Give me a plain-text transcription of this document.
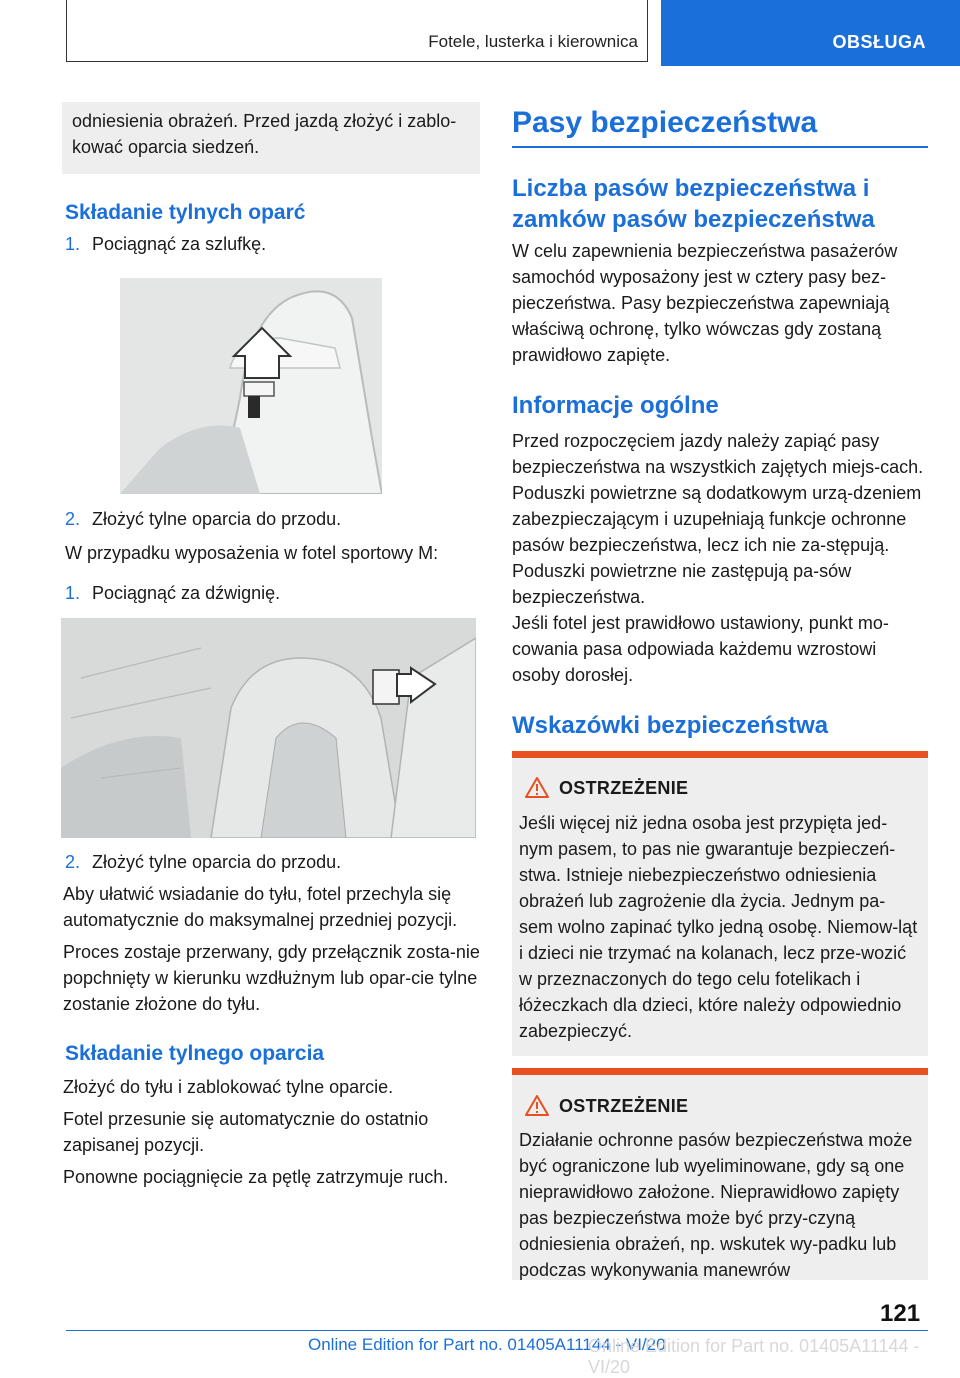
Fotele, lusterka i kierownica	OBSŁUGA

odniesienia obrażeń. Przed jazdą złożyć i zablo-kować oparcia siedzeń.

Składanie tylnych oparć
1. Pociągnąć za szlufkę.
2. Złożyć tylne oparcia do przodu.

W przypadku wyposażenia w fotel sportowy M:

1. Pociągnąć za dźwignię.
2. Złożyć tylne oparcia do przodu.

Aby ułatwić wsiadanie do tyłu, fotel przechyla się automatycznie do maksymalnej przedniej pozycji.

Proces zostaje przerwany, gdy przełącznik zosta-nie popchnięty w kierunku wzdłużnym lub opar-cie tylne zostanie złożone do tyłu.

Składanie tylnego oparcia

Złożyć do tyłu i zablokować tylne oparcie.

Fotel przesunie się automatycznie do ostatnio zapisanej pozycji.

Ponowne pociągnięcie za pętlę zatrzymuje ruch.

Pasy bezpieczeństwa
Liczba pasów bezpieczeństwa i zamków pasów bezpieczeństwa

W celu zapewnienia bezpieczeństwa pasażerów samochód wyposażony jest w cztery pasy bez-pieczeństwa. Pasy bezpieczeństwa zapewniają właściwą ochronę, tylko wówczas gdy zostaną prawidłowo zapięte.

Informacje ogólne

Przed rozpoczęciem jazdy należy zapiąć pasy bezpieczeństwa na wszystkich zajętych miejs-cach. Poduszki powietrzne są dodatkowym urzą-dzeniem zabezpieczającym i uzupełniają funkcje ochronne pasów bezpieczeństwa, lecz ich nie za-stępują. Poduszki powietrzne nie zastępują pa-sów bezpieczeństwa.

Jeśli fotel jest prawidłowo ustawiony, punkt mo-cowania pasa odpowiada każdemu wzrostowi osoby dorosłej.

Wskazówki bezpieczeństwa
OSTRZEŻENIE

Jeśli więcej niż jedna osoba jest przypięta jed-nym pasem, to pas nie gwarantuje bezpieczeń-stwa. Istnieje niebezpieczeństwo odniesienia obrażeń lub zagrożenie dla życia. Jednym pa-sem wolno zapinać tylko jedną osobę. Niemow-ląt i dzieci nie trzymać na kolanach, lecz prze-wozić w przeznaczonych do tego celu fotelikach i łóżeczkach dla dzieci, które należy odpowiednio zabezpieczyć.

OSTRZEŻENIE

Działanie ochronne pasów bezpieczeństwa może być ograniczone lub wyeliminowane, gdy są one nieprawidłowo założone. Nieprawidłowo zapięty pas bezpieczeństwa może być przy-czyną odniesienia obrażeń, np. wskutek wy-padku lub podczas wykonywania manewrów

121
Online Edition for Part no. 01405A11144 - VI/20
Online Edition for Part no. 01405A11144 - VI/20
